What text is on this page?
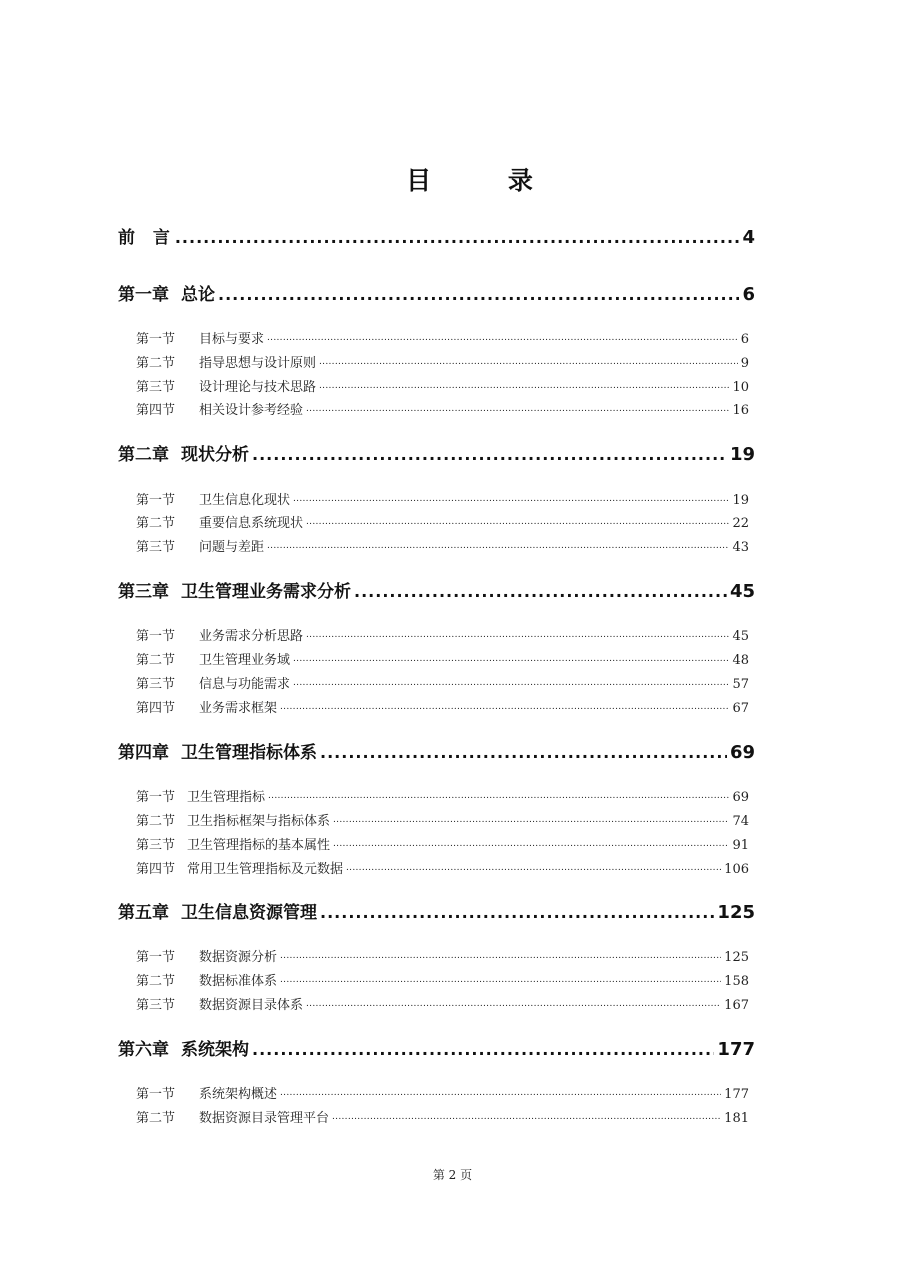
目 录
前  言 .....	4
第一章 总论 .....	6
第一节	目标与要求 .....	6
第二节	指导思想与设计原则 .....	9
第三节	设计理论与技术思路 .....	10
第四节	相关设计参考经验 .....	16
第二章 现状分析 .....	19
第一节	卫生信息化现状 .....	19
第二节	重要信息系统现状 .....	22
第三节	问题与差距 .....	43
第三章 卫生管理业务需求分析 .....	45
第一节	业务需求分析思路 .....	45
第二节	卫生管理业务域 .....	48
第三节	信息与功能需求 .....	57
第四节	业务需求框架 .....	67
第四章 卫生管理指标体系 .....	69
第一节 卫生管理指标 .....	69
第二节 卫生指标框架与指标体系 .....	74
第三节 卫生管理指标的基本属性 .....	91
第四节 常用卫生管理指标及元数据 .....	106
第五章 卫生信息资源管理 .....	125
第一节	数据资源分析 .....	125
第二节	数据标准体系 .....	158
第三节	数据资源目录体系 .....	167
第六章 系统架构 .....	177
第一节	系统架构概述 .....	177
第二节	数据资源目录管理平台 .....	181
第 2 页
